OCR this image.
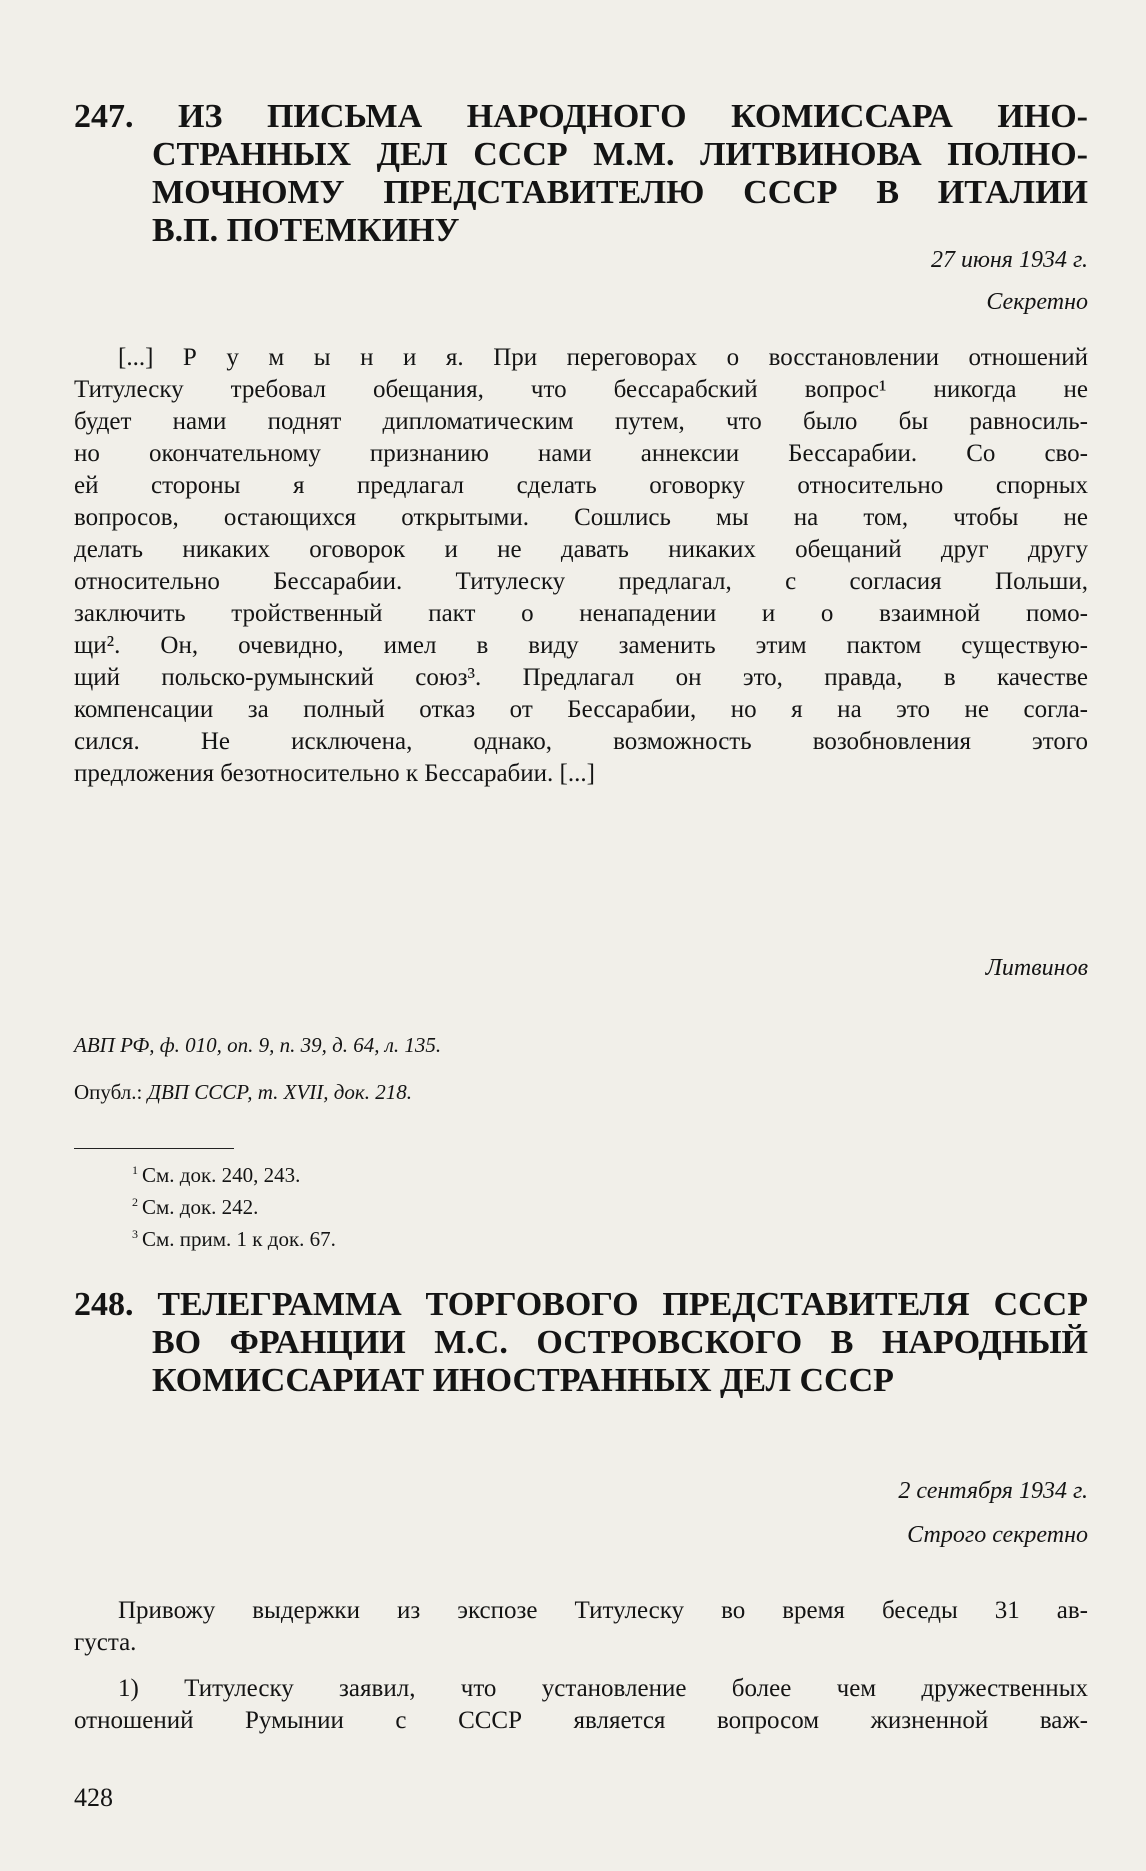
247. ИЗ ПИСЬМА НАРОДНОГО КОМИССАРА ИНО-
СТРАННЫХ ДЕЛ СССР М.М. ЛИТВИНОВА ПОЛНО-
МОЧНОМУ ПРЕДСТАВИТЕЛЮ СССР В ИТАЛИИ
В.П. ПОТЕМКИНУ
27 июня 1934 г.
Секретно
[...] Р у м ы н и я. При переговорах о восстановлении отношений
Титулеску требовал обещания, что бессарабский вопрос¹ никогда не
будет нами поднят дипломатическим путем, что было бы равносиль-
но окончательному признанию нами аннексии Бессарабии. Со сво-
ей стороны я предлагал сделать оговорку относительно спорных
вопросов, остающихся открытыми. Сошлись мы на том, чтобы не
делать никаких оговорок и не давать никаких обещаний друг другу
относительно Бессарабии. Титулеску предлагал, с согласия Польши,
заключить тройственный пакт о ненападении и о взаимной помо-
щи². Он, очевидно, имел в виду заменить этим пактом существую-
щий польско-румынский союз³. Предлагал он это, правда, в качестве
компенсации за полный отказ от Бессарабии, но я на это не согла-
сился. Не исключена, однако, возможность возобновления этого
предложения безотносительно к Бессарабии. [...]
Литвинов
АВП РФ, ф. 010, оп. 9, п. 39, д. 64, л. 135.
Опубл.: ДВП СССР, т. XVII, док. 218.
$^1$ См. док. 240, 243.
$^2$ См. док. 242.
$^3$ См. прим. 1 к док. 67.
248. ТЕЛЕГРАММА ТОРГОВОГО ПРЕДСТАВИТЕЛЯ СССР
ВО ФРАНЦИИ М.С. ОСТРОВСКОГО В НАРОДНЫЙ
КОМИССАРИАТ ИНОСТРАННЫХ ДЕЛ СССР
2 сентября 1934 г.
Строго секретно
Привожу выдержки из экспозе Титулеску во время беседы 31 ав-
густа.
1) Титулеску заявил, что установление более чем дружественных
отношений Румынии с СССР является вопросом жизненной важ-
428
